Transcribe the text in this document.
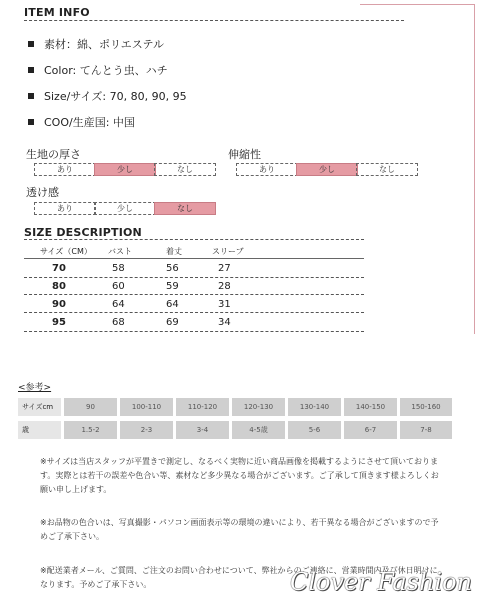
ITEM INFO
素材：綿、ポリエステル
Color: てんとう虫、ハチ
Size/サイズ: 70, 80, 90, 95
COO/生産国: 中国
生地の厚さ
あり	少し	なし
伸縮性
あり	少し	なし
透け感
あり	少し	なし
SIZE DESCRIPTION
サイズ（CM） バスト	着丈	スリーブ
70	58	56	27
80	60	59	28
90	64	64	31
95	68	69	34
<参考>
サイズcm	90	100-110	110-120	120-130	130-140	140-150	150-160
歳	1.5-2	2-3	3-4	4-5歳	5-6	6-7	7-8
※サイズは当店スタッフが平置きで測定し、なるべく実物に近い商品画像を掲載するようにさせて頂いております。実際とは若干の誤差や色合い等、素材など多少異なる場合がございます。ご了承して頂きます様よろしくお願い申し上げます。
※お品物の色合いは、写真撮影・パソコン画面表示等の環境の違いにより、若干異なる場合がございますので予めご了承下さい。
※配送業者メール、ご質問、ご注文のお問い合わせについて、弊社からのご連絡に、営業時間内及び休日明けになります。予めご了承下さい。	Clover Fashion
